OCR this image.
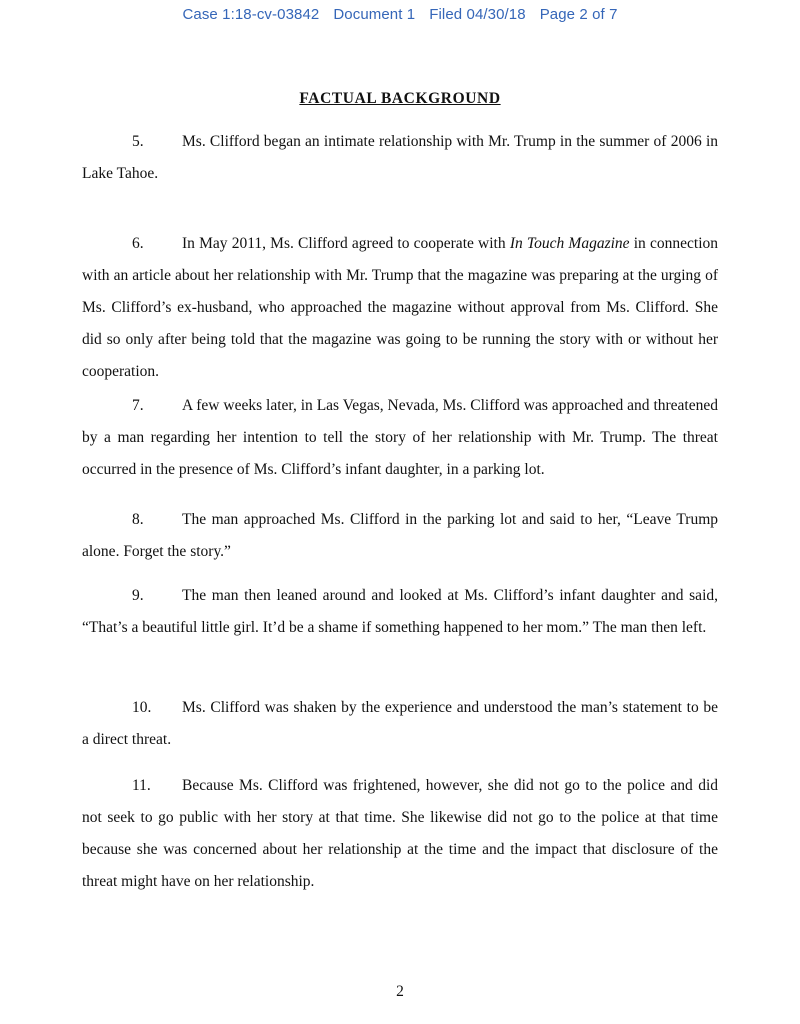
Case 1:18-cv-03842 Document 1 Filed 04/30/18 Page 2 of 7
FACTUAL BACKGROUND

5. Ms. Clifford began an intimate relationship with Mr. Trump in the summer of 2006 in Lake Tahoe.

6. In May 2011, Ms. Clifford agreed to cooperate with In Touch Magazine in connection with an article about her relationship with Mr. Trump that the magazine was preparing at the urging of Ms. Clifford’s ex-husband, who approached the magazine without approval from Ms. Clifford. She did so only after being told that the magazine was going to be running the story with or without her cooperation.

7. A few weeks later, in Las Vegas, Nevada, Ms. Clifford was approached and threatened by a man regarding her intention to tell the story of her relationship with Mr. Trump. The threat occurred in the presence of Ms. Clifford’s infant daughter, in a parking lot.

8. The man approached Ms. Clifford in the parking lot and said to her, “Leave Trump alone. Forget the story.”

9. The man then leaned around and looked at Ms. Clifford’s infant daughter and said, “That’s a beautiful little girl. It’d be a shame if something happened to her mom.” The man then left.

10. Ms. Clifford was shaken by the experience and understood the man’s statement to be a direct threat.

11. Because Ms. Clifford was frightened, however, she did not go to the police and did not seek to go public with her story at that time. She likewise did not go to the police at that time because she was concerned about her relationship at the time and the impact that disclosure of the threat might have on her relationship.

2
